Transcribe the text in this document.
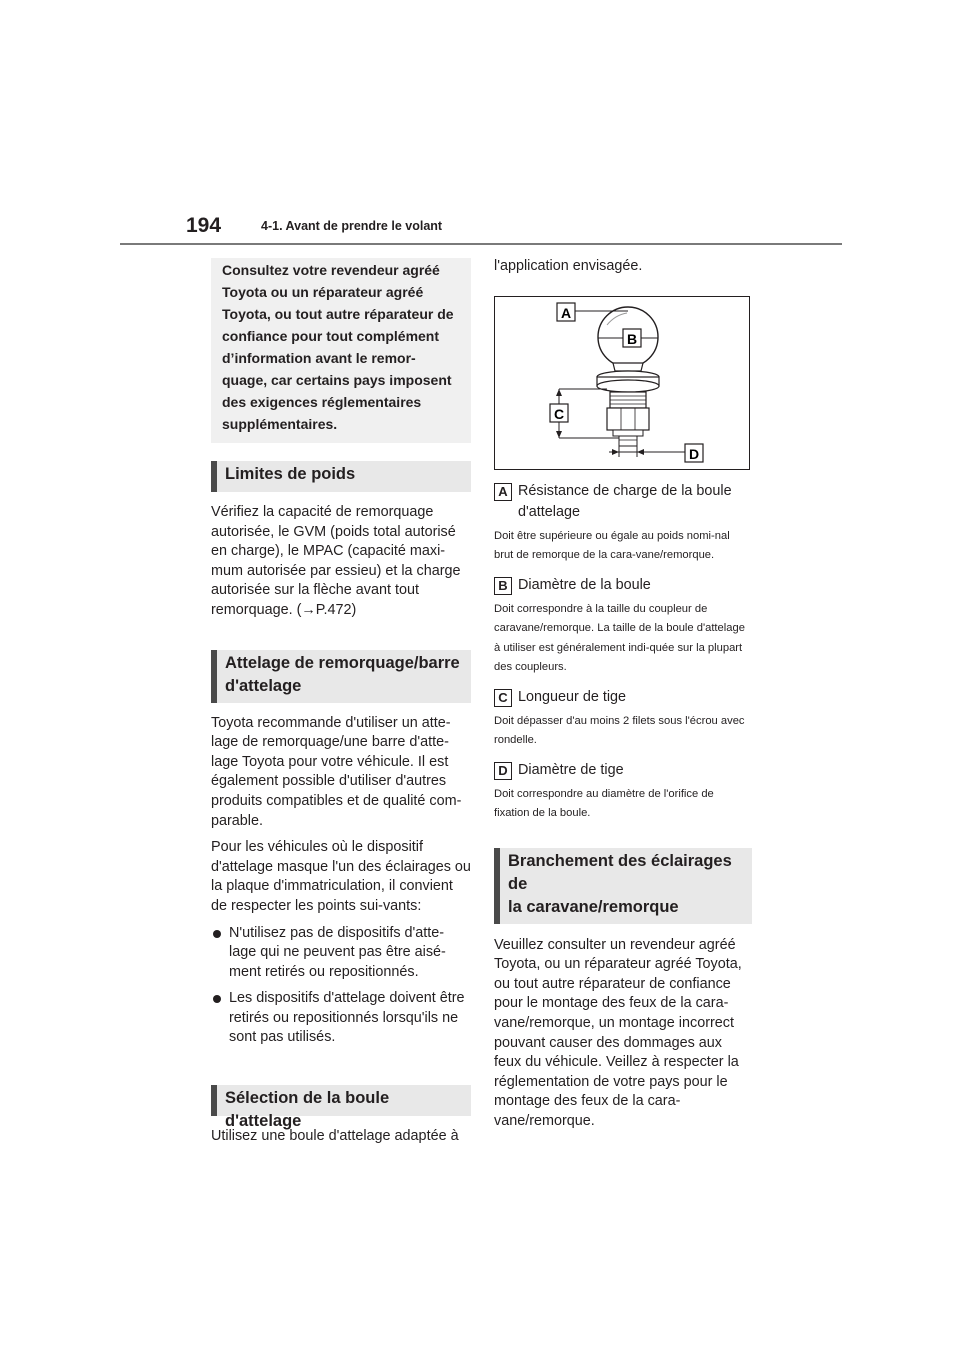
194	4-1. Avant de prendre le volant

Consultez votre revendeur agréé

Toyota ou un réparateur agréé

Toyota, ou tout autre réparateur de

confiance pour tout complément

d’information avant le remor-

quage, car certains pays imposent

des exigences réglementaires

supplémentaires.

Limites de poids

Vérifiez la capacité de remorquage autorisée, le GVM (poids total autorisé en charge), le MPAC (capacité maxi-mum autorisée par essieu) et la charge autorisée sur la flèche avant tout remorquage. (→P.472)

Attelage de remorquage/barre
d'attelage

Toyota recommande d'utiliser un atte-lage de remorquage/une barre d'atte-lage Toyota pour votre véhicule. Il est également possible d'utiliser d'autres produits compatibles et de qualité com-parable.

Pour les véhicules où le dispositif d'attelage masque l'un des éclairages ou la plaque d'immatriculation, il convient de respecter les points sui-vants:

N'utilisez pas de dispositifs d'atte-lage qui ne peuvent pas être aisé-ment retirés ou repositionnés.
Les dispositifs d'attelage doivent être retirés ou repositionnés lorsqu'ils ne sont pas utilisés.
Sélection de la boule d'attelage

Utilisez une boule d'attelage adaptée à

l'application envisagée.

A
B
C
D

A Résistance de charge de la boule d'attelage

Doit être supérieure ou égale au poids nomi-nal brut de remorque de la cara-vane/remorque.

B Diamètre de la boule

Doit correspondre à la taille du coupleur de caravane/remorque. La taille de la boule d'attelage à utiliser est généralement indi-quée sur la plupart des coupleurs.

C Longueur de tige

Doit dépasser d'au moins 2 filets sous l'écrou avec rondelle.

D Diamètre de tige

Doit correspondre au diamètre de l'orifice de fixation de la boule.

Branchement des éclairages de
la caravane/remorque

Veuillez consulter un revendeur agréé Toyota, ou un réparateur agréé Toyota, ou tout autre réparateur de confiance pour le montage des feux de la cara-vane/remorque, un montage incorrect pouvant causer des dommages aux feux du véhicule. Veillez à respecter la réglementation de votre pays pour le montage des feux de la cara-vane/remorque.
